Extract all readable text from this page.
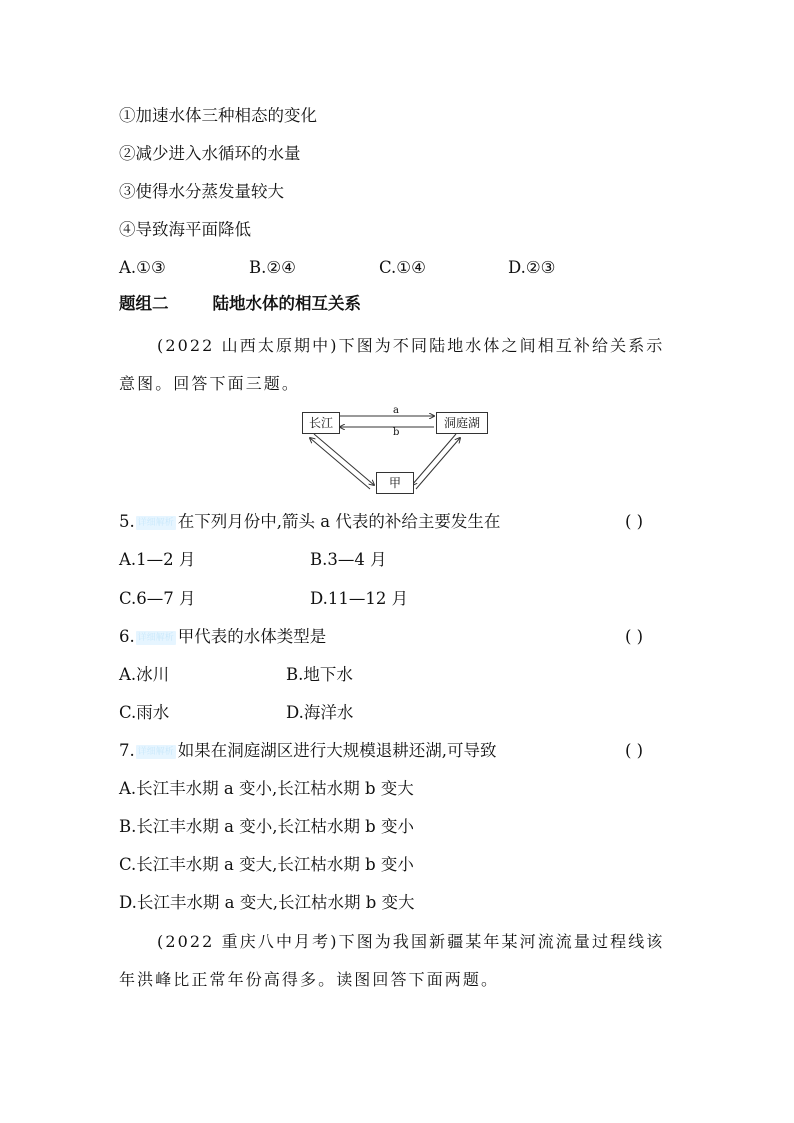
①加速水体三种相态的变化
②减少进入水循环的水量
③使得水分蒸发量较大
④导致海平面降低
A.①③	B.②④	C.①④	D.②③
题组二	陆地水体的相互关系
(2022 山西太原期中)下图为不同陆地水体之间相互补给关系示意图。回答下面三题。
长江	洞庭湖
甲
a
b
5. 详细解析 在下列月份中,箭头 a 代表的补给主要发生在	( )
A.1—2 月	B.3—4 月
C.6—7 月	D.11—12 月
6. 详细解析 甲代表的水体类型是	( )
A.冰川	B.地下水
C.雨水	D.海洋水
7. 详细解析 如果在洞庭湖区进行大规模退耕还湖,可导致	( )
A.长江丰水期 a 变小,长江枯水期 b 变大
B.长江丰水期 a 变小,长江枯水期 b 变小
C.长江丰水期 a 变大,长江枯水期 b 变小
D.长江丰水期 a 变大,长江枯水期 b 变大
(2022 重庆八中月考)下图为我国新疆某年某河流流量过程线该年洪峰比正常年份高得多。读图回答下面两题。
